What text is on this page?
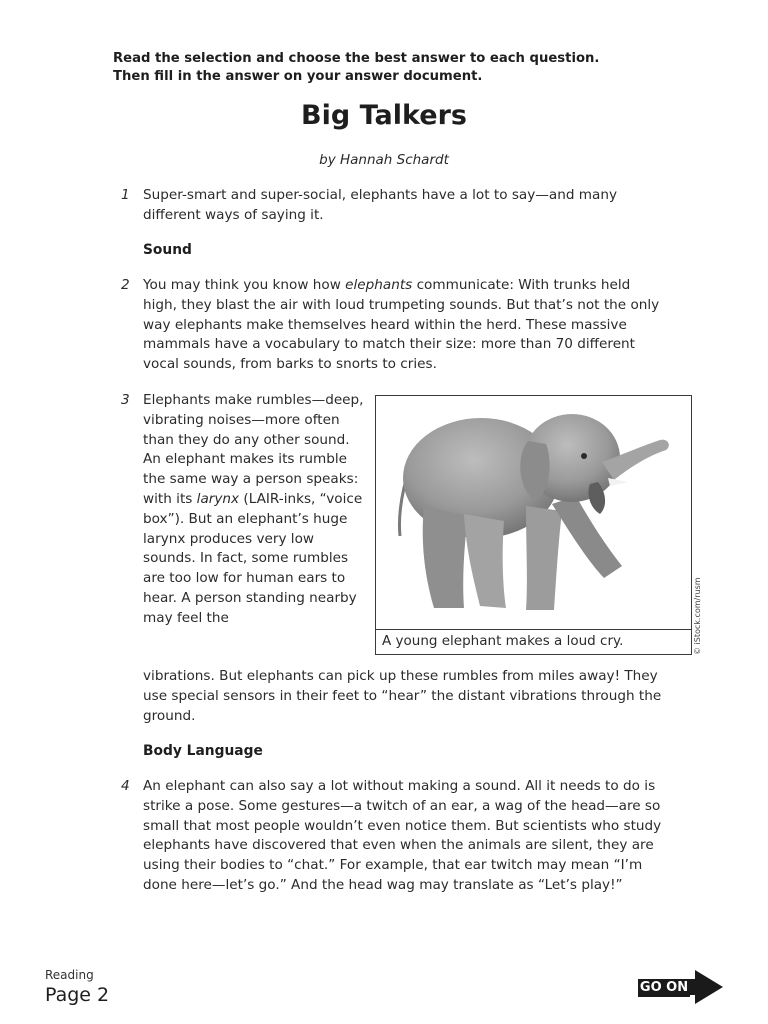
Read the selection and choose the best answer to each question.
Then fill in the answer on your answer document.
Big Talkers
by Hannah Schardt
1 Super-smart and super-social, elephants have a lot to say—and many different ways of saying it.
Sound
2 You may think you know how elephants communicate: With trunks held high, they blast the air with loud trumpeting sounds. But that’s not the only way elephants make themselves heard within the herd. These massive mammals have a vocabulary to match their size: more than 70 different vocal sounds, from barks to snorts to cries.
3 Elephants make rumbles—deep, vibrating noises—more often than they do any other sound. An elephant makes its rumble the same way a person speaks: with its larynx (LAIR-inks, “voice box”). But an elephant’s huge larynx produces very low sounds. In fact, some rumbles are too low for human ears to hear. A person standing nearby may feel the
A young elephant makes a loud cry.	© iStock.com/rusm
vibrations. But elephants can pick up these rumbles from miles away! They use special sensors in their feet to “hear” the distant vibrations through the ground.
Body Language
4 An elephant can also say a lot without making a sound. All it needs to do is strike a pose. Some gestures—a twitch of an ear, a wag of the head—are so small that most people wouldn’t even notice them. But scientists who study elephants have discovered that even when the animals are silent, they are using their bodies to “chat.” For example, that ear twitch may mean “I’m done here—let’s go.” And the head wag may translate as “Let’s play!”
Reading
Page 2	GO ON
